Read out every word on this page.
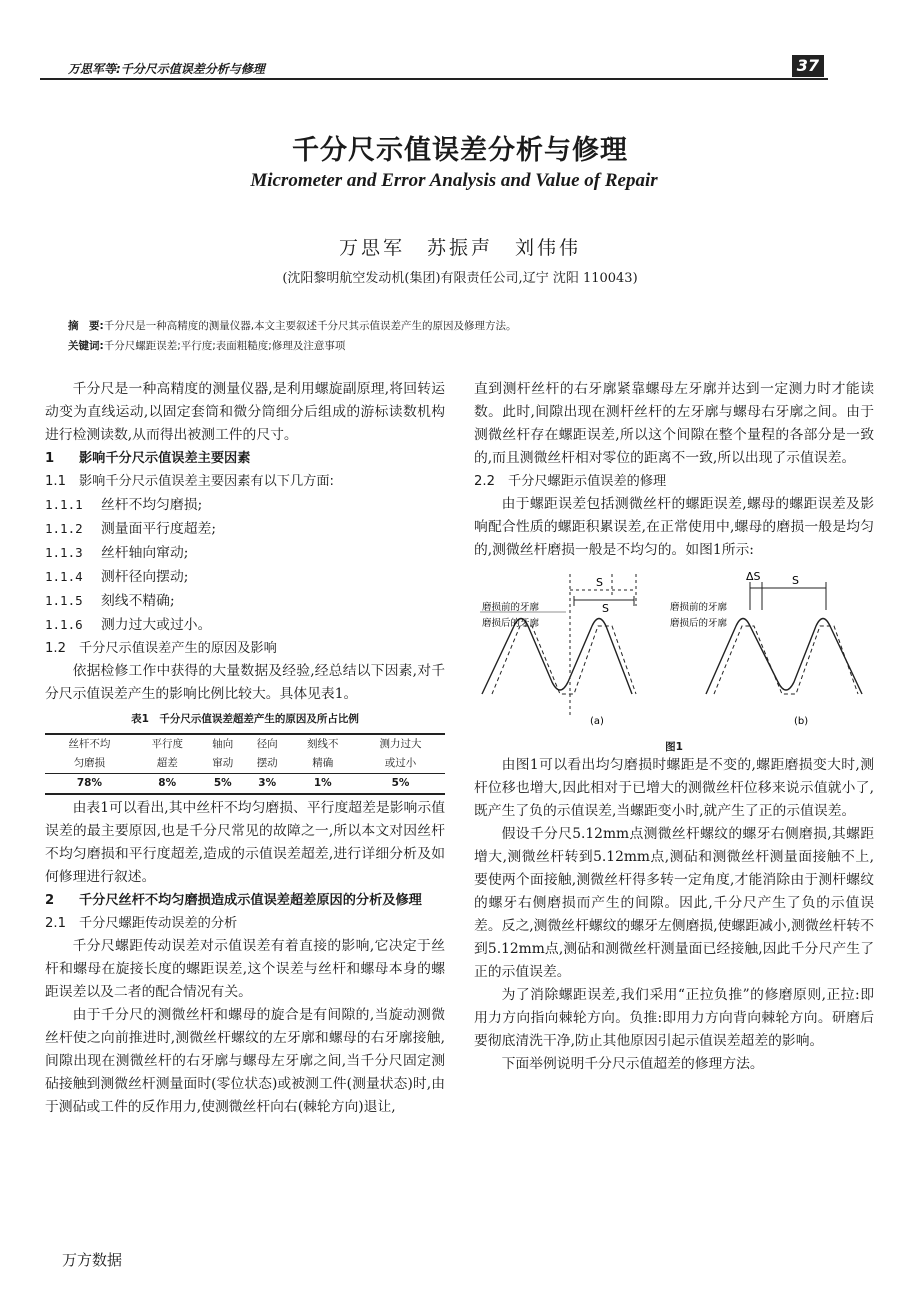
万思军等:千分尺示值误差分析与修理	37
千分尺示值误差分析与修理
Micrometer and Error Analysis and Value of Repair
万思军　苏振声　刘伟伟
(沈阳黎明航空发动机(集团)有限责任公司,辽宁 沈阳 110043)
摘　要:千分尺是一种高精度的测量仪器,本文主要叙述千分尺其示值误差产生的原因及修理方法。
关键词:千分尺螺距误差;平行度;表面粗糙度;修理及注意事项

千分尺是一种高精度的测量仪器,是利用螺旋副原理,将回转运动变为直线运动,以固定套筒和微分筒细分后组成的游标读数机构进行检测读数,从而得出被测工件的尺寸。

1 影响千分尺示值误差主要因素

1.1 影响千分尺示值误差主要因素有以下几方面:

1.1.1 丝杆不均匀磨损;

1.1.2 测量面平行度超差;

1.1.3 丝杆轴向窜动;

1.1.4 测杆径向摆动;

1.1.5 刻线不精确;

1.1.6 测力过大或过小。

1.2 千分尺示值误差产生的原因及影响

依据检修工作中获得的大量数据及经验,经总结以下因素,对千分尺示值误差产生的影响比例比较大。具体见表1。

表1　千分尺示值误差超差产生的原因及所占比例
丝杆不均	平行度	轴向	径向	刻线不	测力过大
匀磨损	超差	窜动	摆动	精确	或过小
78%	8%	5%	3%	1%	5%

由表1可以看出,其中丝杆不均匀磨损、平行度超差是影响示值误差的最主要原因,也是千分尺常见的故障之一,所以本文对因丝杆不均匀磨损和平行度超差,造成的示值误差超差,进行详细分析及如何修理进行叙述。

2 千分尺丝杆不均匀磨损造成示值误差超差原因的分析及修理

2.1 千分尺螺距传动误差的分析

千分尺螺距传动误差对示值误差有着直接的影响,它决定于丝杆和螺母在旋接长度的螺距误差,这个误差与丝杆和螺母本身的螺距误差以及二者的配合情况有关。

由于千分尺的测微丝杆和螺母的旋合是有间隙的,当旋动测微丝杆使之向前推进时,测微丝杆螺纹的左牙廓和螺母的右牙廓接触,间隙出现在测微丝杆的右牙廓与螺母左牙廓之间,当千分尺固定测砧接触到测微丝杆测量面时(零位状态)或被测工件(测量状态)时,由于测砧或工件的反作用力,使测微丝杆向右(棘轮方向)退让,

直到测杆丝杆的右牙廓紧靠螺母左牙廓并达到一定测力时才能读数。此时,间隙出现在测杆丝杆的左牙廓与螺母右牙廓之间。由于测微丝杆存在螺距误差,所以这个间隙在整个量程的各部分是一致的,而且测微丝杆相对零位的距离不一致,所以出现了示值误差。

2.2 千分尺螺距示值误差的修理

由于螺距误差包括测微丝杆的螺距误差,螺母的螺距误差及影响配合性质的螺距积累误差,在正常使用中,螺母的磨损一般是均匀的,测微丝杆磨损一般是不均匀的。如图1所示:

S
S
ΔS	S
磨损前的牙廓
磨损后的牙廓
磨损前的牙廓
磨损后的牙廓
(a)	(b)
图1

由图1可以看出均匀磨损时螺距是不变的,螺距磨损变大时,测杆位移也增大,因此相对于已增大的测微丝杆位移来说示值就小了,既产生了负的示值误差,当螺距变小时,就产生了正的示值误差。

假设千分尺5.12mm点测微丝杆螺纹的螺牙右侧磨损,其螺距增大,测微丝杆转到5.12mm点,测砧和测微丝杆测量面接触不上,要使两个面接触,测微丝杆得多转一定角度,才能消除由于测杆螺纹的螺牙右侧磨损而产生的间隙。因此,千分尺产生了负的示值误差。反之,测微丝杆螺纹的螺牙左侧磨损,使螺距减小,测微丝杆转不到5.12mm点,测砧和测微丝杆测量面已经接触,因此千分尺产生了正的示值误差。

为了消除螺距误差,我们采用“正拉负推”的修磨原则,正拉:即用力方向指向棘轮方向。负推:即用力方向背向棘轮方向。研磨后要彻底清洗干净,防止其他原因引起示值误差超差的影响。

下面举例说明千分尺示值超差的修理方法。

万方数据
